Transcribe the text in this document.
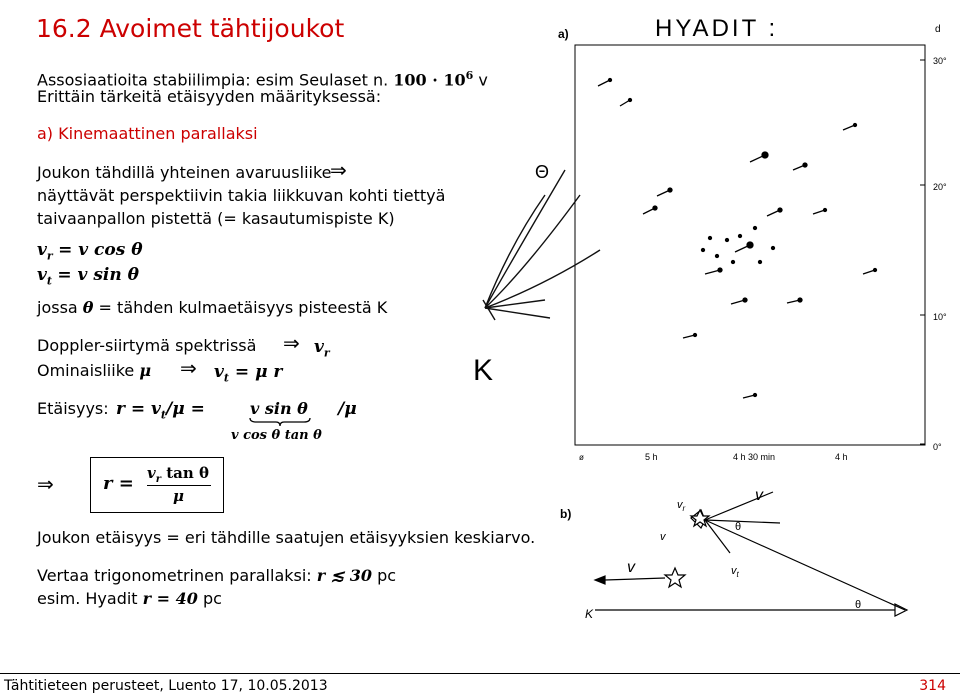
16.2 Avoimet tähtijoukot
Assosiaatioita stabiilimpia: esim Seulaset n. $100 \cdot 10^6$ v
Erittäin tärkeitä etäisyyden määrityksessä:
a) Kinemaattinen parallaksi
Joukon tähdillä yhteinen avaruusliike
⇒
näyttävät perspektiivin takia liikkuvan kohti tiettyä
taivaanpallon pistettä (= kasautumispiste K)
$v_r = v$ cos θ
$v_t = v$ sin θ
jossa θ = tähden kulmaetäisyys pisteestä K
Doppler-siirtymä spektrissä ⇒ $v_r$
Ominaisliike μ ⇒ $v_t = \mu$ r
Etäisyys: $r = v_t/\mu$ =	v sin θ /μ
v cos θ tan θ
⇒	$r = v_r$ tan θ
μ
Joukon etäisyys = eri tähdille saatujen etäisyyksien keskiarvo.
Vertaa trigonometrinen parallaksi: r ≲ 30 pc
esim. Hyadit r = 40 pc
HYADIT :
a)	d
30°
20°
10°
0°
5 h	4 h 30 min	4 h
ø
Θ
K
b)
$v_r$
v
$v_t$
θ
θ
K
v
v
Tähtitieteen perusteet, Luento 17, 10.05.2013	314
